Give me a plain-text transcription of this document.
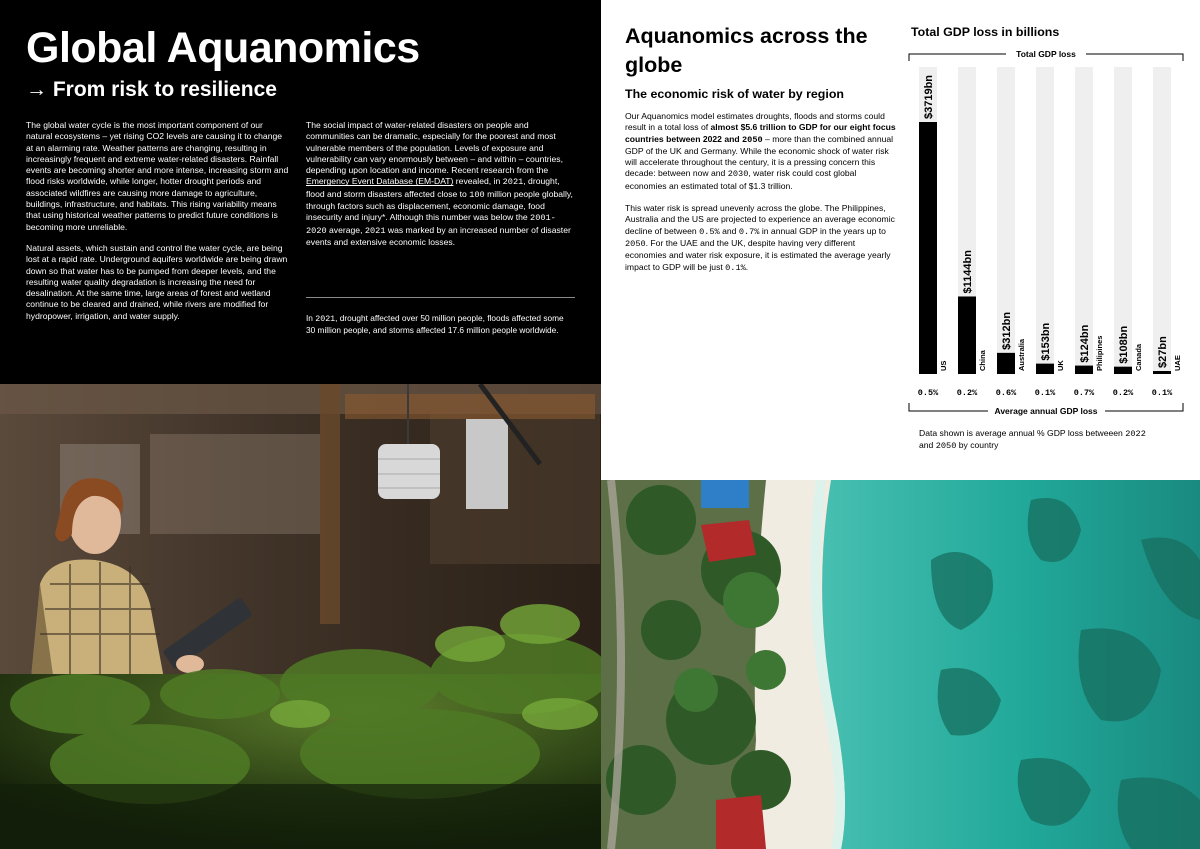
Global Aquanomics
→ From risk to resilience

The global water cycle is the most important component of our natural ecosystems – yet rising CO2 levels are causing it to change at an alarming rate. Weather patterns are changing, resulting in increasingly frequent and extreme water-related disasters. Rainfall events are becoming shorter and more intense, increasing storm and flood risks worldwide, while longer, hotter drought periods and associated wildfires are causing more damage to agriculture, buildings, infrastructure, and habitats. This rising variability means that using historical weather patterns to predict future conditions is becoming more unreliable.

Natural assets, which sustain and control the water cycle, are being lost at a rapid rate. Underground aquifers worldwide are being drawn down so that water has to be pumped from deeper levels, and the resulting water quality degradation is increasing the need for desalination. At the same time, large areas of forest and wetland continue to be cleared and drained, while rivers are modified for hydropower, irrigation, and water supply.

The social impact of water-related disasters on people and communities can be dramatic, especially for the poorest and most vulnerable members of the population. Levels of exposure and vulnerability can vary enormously between – and within – countries, depending upon location and income. Recent research from the Emergency Event Database (EM-DAT) revealed, in 2021, drought, flood and storm disasters affected close to 100 million people globally, through factors such as displacement, economic damage, food insecurity and injury*. Although this number was below the 2001-2020 average, 2021 was marked by an increased number of disaster events and extensive economic losses.

In 2021, drought affected over 50 million people, floods affected some 30 million people, and storms affected 17.6 million people worldwide.

Aquanomics across the globe
The economic risk of water by region

Our Aquanomics model estimates droughts, floods and storms could result in a total loss of almost $5.6 trillion to GDP for our eight focus countries between 2022 and 2050 – more than the combined annual GDP of the UK and Germany. While the economic shock of water risk will accelerate throughout the century, it is a pressing concern this decade: between now and 2030, water risk could cost global economies an estimated total of $1.3 trillion.

This water risk is spread unevenly across the globe. The Philippines, Australia and the US are projected to experience an average economic decline of between 0.5% and 0.7% in annual GDP in the years up to 2050. For the UAE and the UK, despite having very different economies and water risk exposure, it is estimated the average yearly impact to GDP will be just 0.1%.

Total GDP loss in billions
Total GDP loss
Average annual GDP loss
$3719bn
US
0.5%
$1144bn
China
0.2%
$312bn
Australia
0.6%
$153bn
UK
0.1%
$124bn Philipines
0.7%
$108bn Canada
0.2%
$27bn UAE
0.1%

Data shown is average annual % GDP loss betweeen 2022 and 2050 by country
